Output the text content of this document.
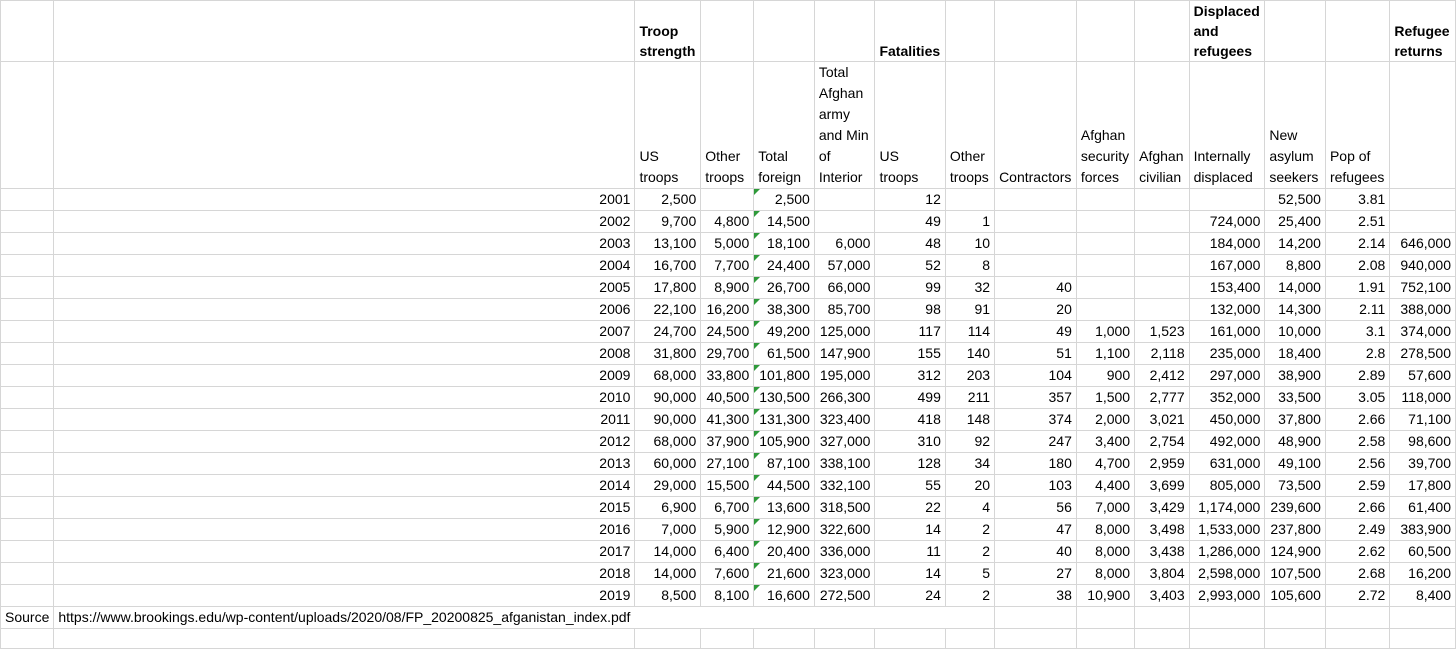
		Troop strength				Fatalities					Displaced and refugees			Refugee returns
		US troops	Other troops	Total foreign	Total Afghan army and Min of Interior	US troops	Other troops	Contractors	Afghan security forces	Afghan civilian	Internally displaced	New asylum seekers	Pop of refugees	
	2001	2,500		2,500		12						52,500	3.81	
	2002	9,700	4,800	14,500		49	1				724,000	25,400	2.51	
	2003	13,100	5,000	18,100	6,000	48	10				184,000	14,200	2.14	646,000
	2004	16,700	7,700	24,400	57,000	52	8				167,000	8,800	2.08	940,000
	2005	17,800	8,900	26,700	66,000	99	32	40			153,400	14,000	1.91	752,100
	2006	22,100	16,200	38,300	85,700	98	91	20			132,000	14,300	2.11	388,000
	2007	24,700	24,500	49,200	125,000	117	114	49	1,000	1,523	161,000	10,000	3.1	374,000
	2008	31,800	29,700	61,500	147,900	155	140	51	1,100	2,118	235,000	18,400	2.8	278,500
	2009	68,000	33,800	101,800	195,000	312	203	104	900	2,412	297,000	38,900	2.89	57,600
	2010	90,000	40,500	130,500	266,300	499	211	357	1,500	2,777	352,000	33,500	3.05	118,000
	2011	90,000	41,300	131,300	323,400	418	148	374	2,000	3,021	450,000	37,800	2.66	71,100
	2012	68,000	37,900	105,900	327,000	310	92	247	3,400	2,754	492,000	48,900	2.58	98,600
	2013	60,000	27,100	87,100	338,100	128	34	180	4,700	2,959	631,000	49,100	2.56	39,700
	2014	29,000	15,500	44,500	332,100	55	20	103	4,400	3,699	805,000	73,500	2.59	17,800
	2015	6,900	6,700	13,600	318,500	22	4	56	7,000	3,429	1,174,000	239,600	2.66	61,400
	2016	7,000	5,900	12,900	322,600	14	2	47	8,000	3,498	1,533,000	237,800	2.49	383,900
	2017	14,000	6,400	20,400	336,000	11	2	40	8,000	3,438	1,286,000	124,900	2.62	60,500
	2018	14,000	7,600	21,600	323,000	14	5	27	8,000	3,804	2,598,000	107,500	2.68	16,200
	2019	8,500	8,100	16,600	272,500	24	2	38	10,900	3,403	2,993,000	105,600	2.72	8,400
Source	https://www.brookings.edu/wp-content/uploads/2020/08/FP_20200825_afganistan_index.pdf													
